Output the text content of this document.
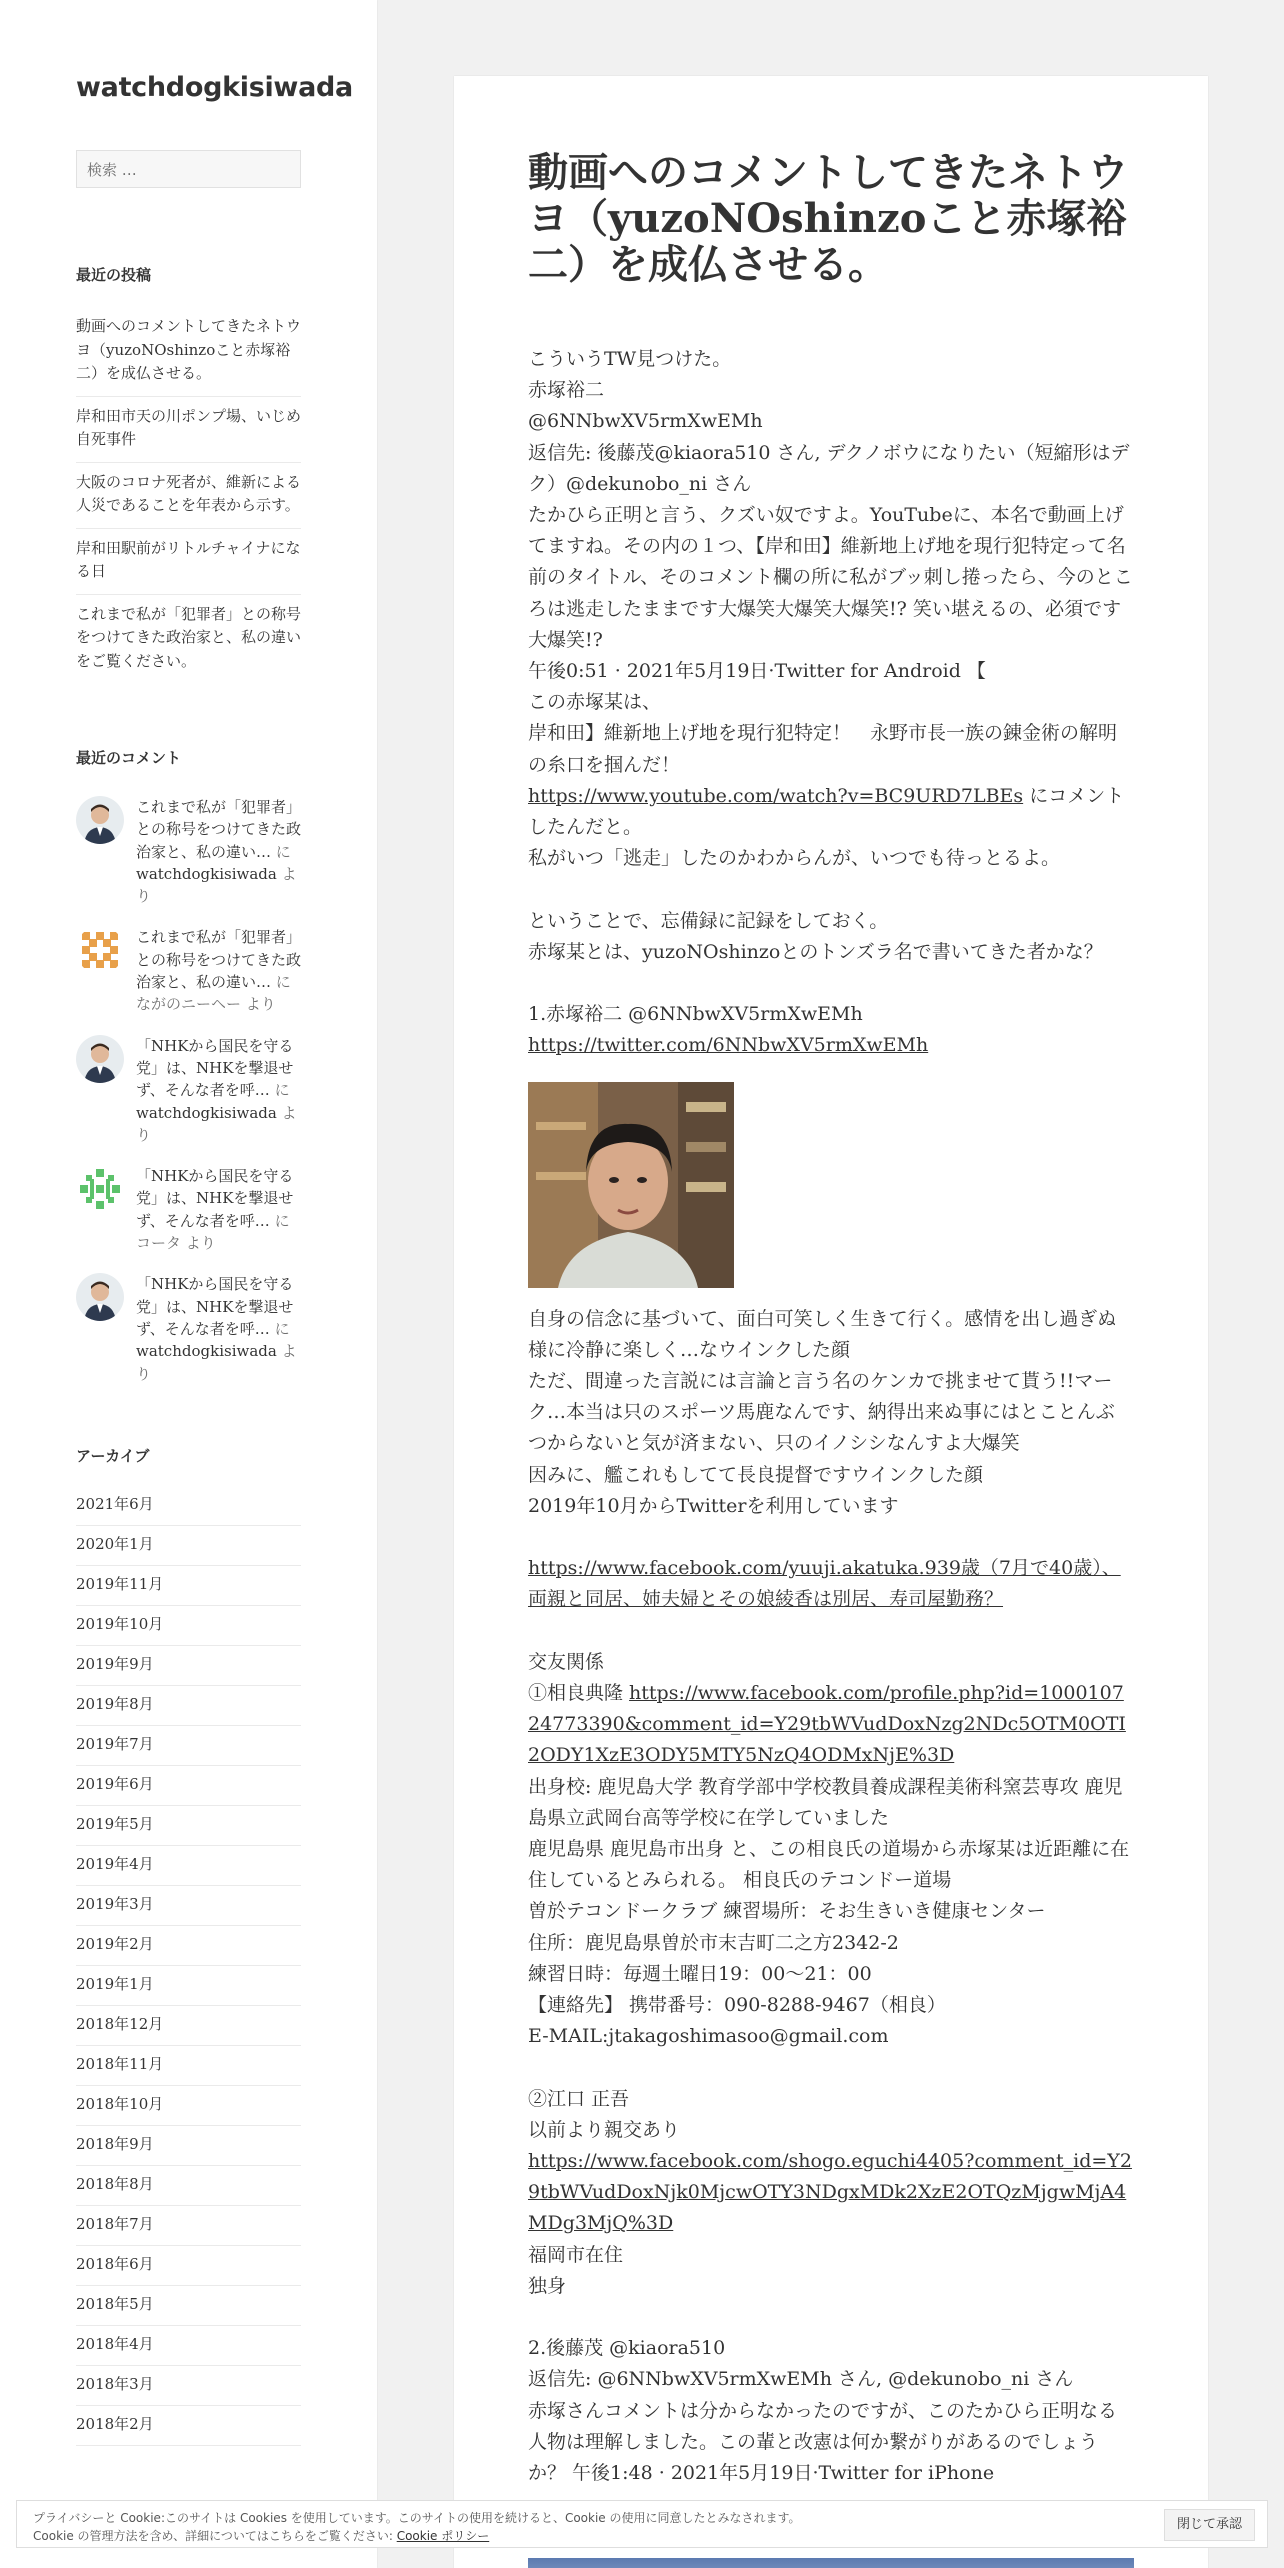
watchdogkisiwada
検索 …
最近の投稿
動画へのコメントしてきたネトウヨ（yuzoNOshinzoこと赤塚裕二）を成仏させる。
岸和田市天の川ポンプ場、いじめ自死事件
大阪のコロナ死者が、維新による人災であることを年表から示す。
岸和田駅前がリトルチャイナになる日
これまで私が「犯罪者」との称号をつけてきた政治家と、私の違いをご覧ください。
最近のコメント
これまで私が「犯罪者」との称号をつけてきた政治家と、私の違い… に watchdogkisiwada より
これまで私が「犯罪者」との称号をつけてきた政治家と、私の違い… に ながのニーヘー より
「NHKから国民を守る党」は、NHKを撃退せず、そんな者を呼… に watchdogkisiwada より
「NHKから国民を守る党」は、NHKを撃退せず、そんな者を呼… に コータ より
「NHKから国民を守る党」は、NHKを撃退せず、そんな者を呼… に watchdogkisiwada より
アーカイブ
2021年6月
2020年1月
2019年11月
2019年10月
2019年9月
2019年8月
2019年7月
2019年6月
2019年5月
2019年4月
2019年3月
2019年2月
2019年1月
2018年12月
2018年11月
2018年10月
2018年9月
2018年8月
2018年7月
2018年6月
2018年5月
2018年4月
2018年3月
2018年2月
動画へのコメントしてきたネトウヨ（yuzoNOshinzoこと赤塚裕二）を成仏させる。

こういうTW見つけた。

赤塚裕二

@6NNbwXV5rmXwEMh

返信先: 後藤茂@kiaora510 さん, デクノボウになりたい（短縮形はデク）@dekunobo_ni さん

たかひら正明と言う、クズい奴ですよ。YouTubeに、本名で動画上げてますね。その内の１つ、【岸和田】維新地上げ地を現行犯特定って名前のタイトル、そのコメント欄の所に私がブッ刺し捲ったら、今のところは逃走したままです大爆笑大爆笑大爆笑!? 笑い堪えるの、必須です大爆笑!?

午後0:51 · 2021年5月19日·Twitter for Android 【

この赤塚某は、

岸和田】維新地上げ地を現行犯特定！　永野市長一族の錬金術の解明の糸口を掴んだ！

https://www.youtube.com/watch?v=BC9URD7LBEs にコメントしたんだと。

私がいつ「逃走」したのかわからんが、いつでも待っとるよ。

ということで、忘備録に記録をしておく。

赤塚某とは、yuzoNOshinzoとのトンズラ名で書いてきた者かな？

1.赤塚裕二 @6NNbwXV5rmXwEMh

https://twitter.com/6NNbwXV5rmXwEMh

自身の信念に基づいて、面白可笑しく生きて行く。感情を出し過ぎぬ様に冷静に楽しく…なウインクした顔

ただ、間違った言説には言論と言う名のケンカで挑ませて貰う!!マーク…本当は只のスポーツ馬鹿なんです、納得出来ぬ事にはとことんぶつからないと気が済まない、只のイノシシなんすよ大爆笑

因みに、艦これもしてて長良提督ですウインクした顔

2019年10月からTwitterを利用しています

https://www.facebook.com/yuuji.akatuka.939歳（7月で40歳）、両親と同居、姉夫婦とその娘綾香は別居、寿司屋勤務？

交友関係

①相良典隆 https://www.facebook.com/profile.php?id=100010724773390&comment_id=Y29tbWVudDoxNzg2NDc5OTM0OTI2ODY1XzE3ODY5MTY5NzQ4ODMxNjE%3D

出身校: 鹿児島大学 教育学部中学校教員養成課程美術科窯芸専攻 鹿児島県立武岡台高等学校に在学していました

鹿児島県 鹿児島市出身 と、この相良氏の道場から赤塚某は近距離に在住しているとみられる。 相良氏のテコンドー道場

曽於テコンドークラブ 練習場所：そお生きいき健康センター

住所：鹿児島県曽於市末吉町二之方2342-2

練習日時：毎週土曜日19：00～21：00

【連絡先】 携帯番号：090-8288-9467（相良）

E-MAIL:jtakagoshimasoo@gmail.com

②江口 正吾

以前より親交あり

https://www.facebook.com/shogo.eguchi4405?comment_id=Y29tbWVudDoxNjk0MjcwOTY3NDgxMDk2XzE2OTQzMjgwMjA4MDg3MjQ%3D

福岡市在住

独身

2.後藤茂 @kiaora510

返信先: @6NNbwXV5rmXwEMh さん, @dekunobo_ni さん

赤塚さんコメントは分からなかったのですが、このたかひら正明なる人物は理解しました。この輩と改憲は何か繋がりがあるのでしょうか？ 午後1:48 · 2021年5月19日·Twitter for iPhone

プライバシーと Cookie:このサイトは Cookies を使用しています。このサイトの使用を続けると、Cookie の使用に同意したとみなされます。
Cookie の管理方法を含め、詳細についてはこちらをご覧ください: Cookie ポリシー
閉じて承認
